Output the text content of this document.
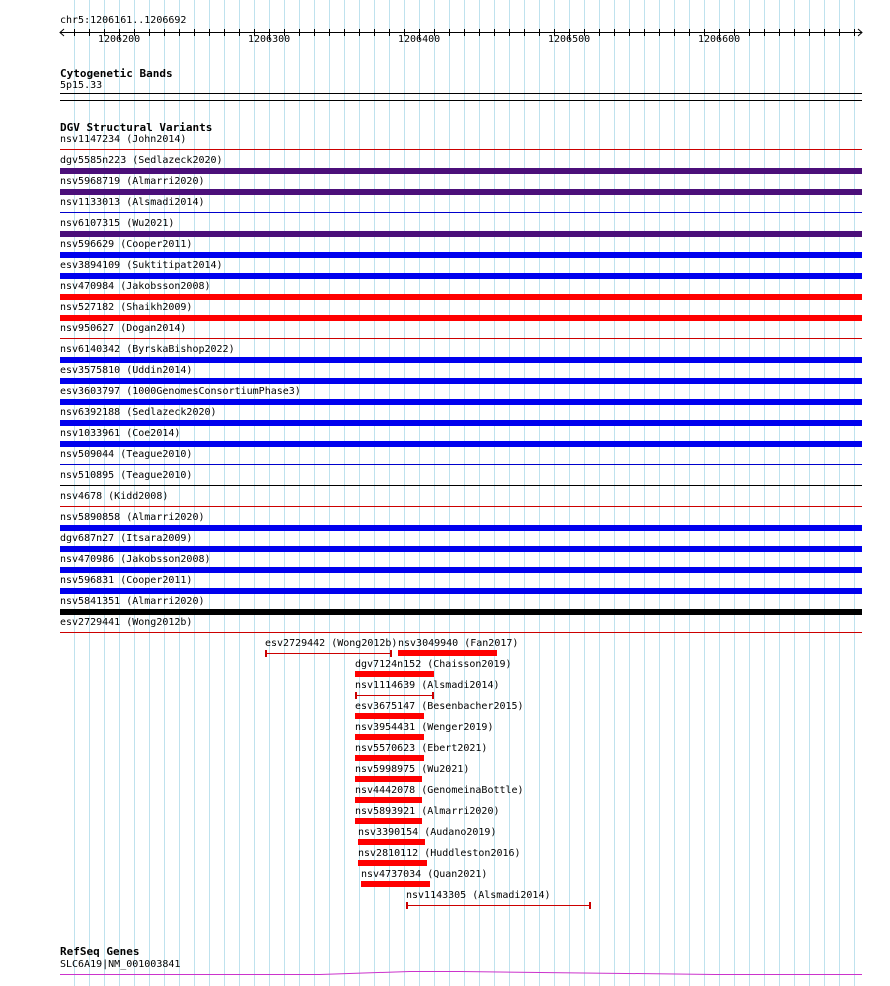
chr5:1206161..1206692
1206200	1206300	1206400	1206500	1206600
Cytogenetic Bands
5p15.33
DGV Structural Variants
nsv1147234 (John2014)
dgv5585n223 (Sedlazeck2020)
nsv5968719 (Almarri2020)
nsv1133013 (Alsmadi2014)
nsv6107315 (Wu2021)
nsv596629 (Cooper2011)
esv3894109 (Suktitipat2014)
nsv470984 (Jakobsson2008)
nsv527182 (Shaikh2009)
nsv950627 (Dogan2014)
nsv6140342 (ByrskaBishop2022)
esv3575810 (Uddin2014)
esv3603797 (1000GenomesConsortiumPhase3)
nsv6392188 (Sedlazeck2020)
nsv1033961 (Coe2014)
nsv509044 (Teague2010)
nsv510895 (Teague2010)
nsv4678 (Kidd2008)
nsv5890858 (Almarri2020)
dgv687n27 (Itsara2009)
nsv470986 (Jakobsson2008)
nsv596831 (Cooper2011)
nsv5841351 (Almarri2020)
esv2729441 (Wong2012b)
esv2729442 (Wong2012b) nsv3049940 (Fan2017)
dgv7124n152 (Chaisson2019)
nsv1114639 (Alsmadi2014)
esv3675147 (Besenbacher2015)
nsv3954431 (Wenger2019)
nsv5570623 (Ebert2021)
nsv5998975 (Wu2021)
nsv4442078 (GenomeinaBottle)
nsv5893921 (Almarri2020)
nsv3390154 (Audano2019)
nsv2810112 (Huddleston2016)
nsv4737034 (Quan2021)
nsv1143305 (Alsmadi2014)
RefSeq Genes
SLC6A19|NM_001003841
